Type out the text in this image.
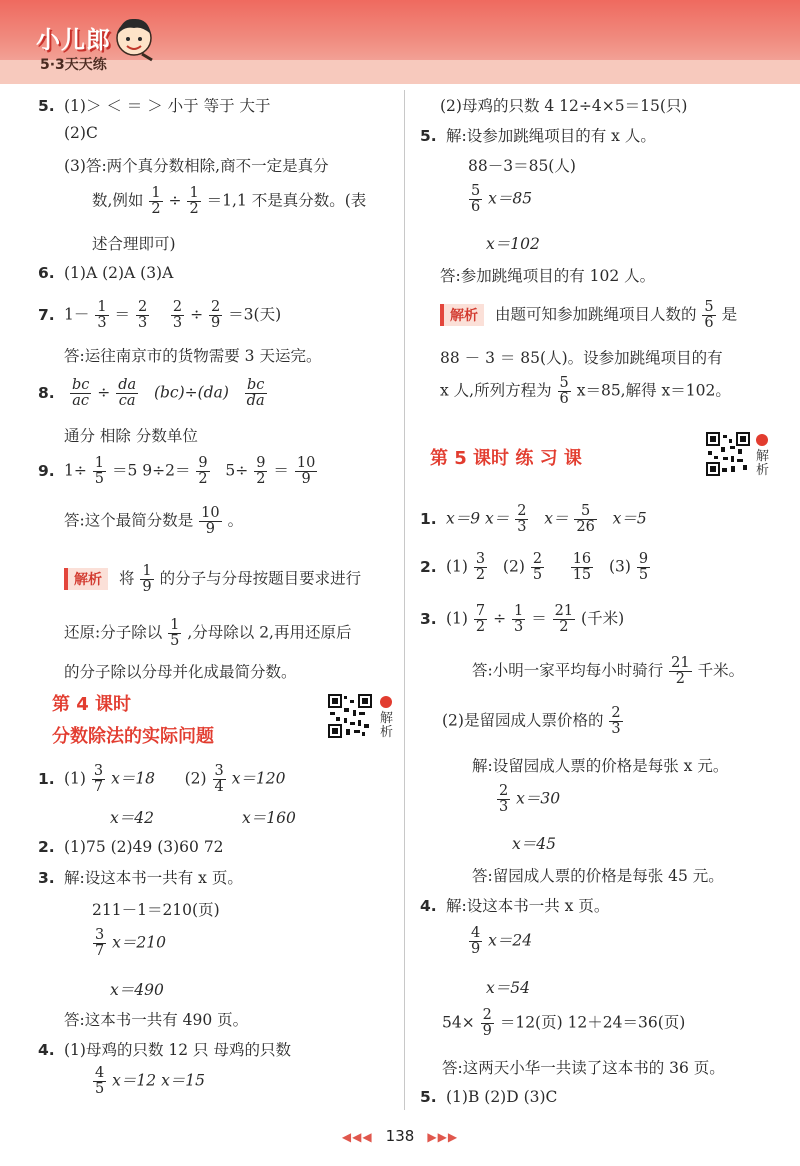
小儿郎
5·3天天练
5. (1)＞ ＜ ＝ ＞ 小于 等于 大于
(2)C
(3)答:两个真分数相除,商不一定是真分
数,例如 $\frac{1}{2} \div \frac{1}{2} =1,1$ 不是真分数。(表
述合理即可)
6. (1)A (2)A (3)A
7. $1- \frac{1}{3} = \frac{2}{3}$
$\frac{2}{3} \div \frac{2}{9} =3$(天)
答:运往南京市的货物需要 3 天运完。
8. $\frac{bc}{ac} \div \frac{da}{ca} (bc)\div(da) \frac{bc}{da}$
通分 相除 分数单位
9. $1\div \frac{1}{5} =5$ $9\div 2= \frac{9}{2} 5\div \frac{9}{2} = \frac{10}{9}$
答:这个最简分数是 $\frac{10}{9}$ 。
解析 将 $\frac{1}{9}$ 的分子与分母按题目要求进行
还原:分子除以 $\frac{1}{5}$ ,分母除以 2,再用还原后
的分子除以分母并化成最简分数。
第 4 课时
分数除法的实际问题
解
析
1. $(1) \frac{3}{7} x=18$ $(2) \frac{3}{4} x=120$
x＝42	x＝160
2. (1)75 (2)49 (3)60 72
3. 解:设这本书一共有 x 页。
211－1＝210(页)
$\frac{3}{7} x=210$
x＝490
答:这本书一共有 490 页。
4. (1)母鸡的只数 12 只 母鸡的只数
$\frac{4}{5} x=12$ x＝15
(2)母鸡的只数 4 12÷4×5＝15(只)
5. 解:设参加跳绳项目的有 x 人。
88－3＝85(人)
$\frac{5}{6} x=85$
x＝102
答:参加跳绳项目的有 102 人。
解析 由题可知参加跳绳项目人数的 $\frac{5}{6}$ 是
88 － 3 ＝ 85(人)。设参加跳绳项目的有
x 人,所列方程为 $\frac{5}{6} x=85$,解得 x＝102。
第 5 课时 练 习 课	解
析
1. x＝9 $x= \frac{2}{3} x= \frac{5}{26} x=5$
2. $(1) \frac{3}{2} (2) \frac{2}{5}$
$\frac{16}{15} (3) \frac{9}{5}$
3. $(1) \frac{7}{2} \div \frac{1}{3} = \frac{21}{2}$ (千米)
答:小明一家平均每小时骑行 $\frac{21}{2}$ 千米。
(2)是留园成人票价格的 $\frac{2}{3}$
解:设留园成人票的价格是每张 x 元。
$\frac{2}{3} x=30$
x＝45
答:留园成人票的价格是每张 45 元。
4. 解:设这本书一共 x 页。
$\frac{4}{9} x=24$
x＝54
$54\times \frac{2}{9} =12$(页) 12＋24＝36(页)
答:这两天小华一共读了这本书的 36 页。
5. (1)B (2)D (3)C
◀◀◀ 138 ▶▶▶
